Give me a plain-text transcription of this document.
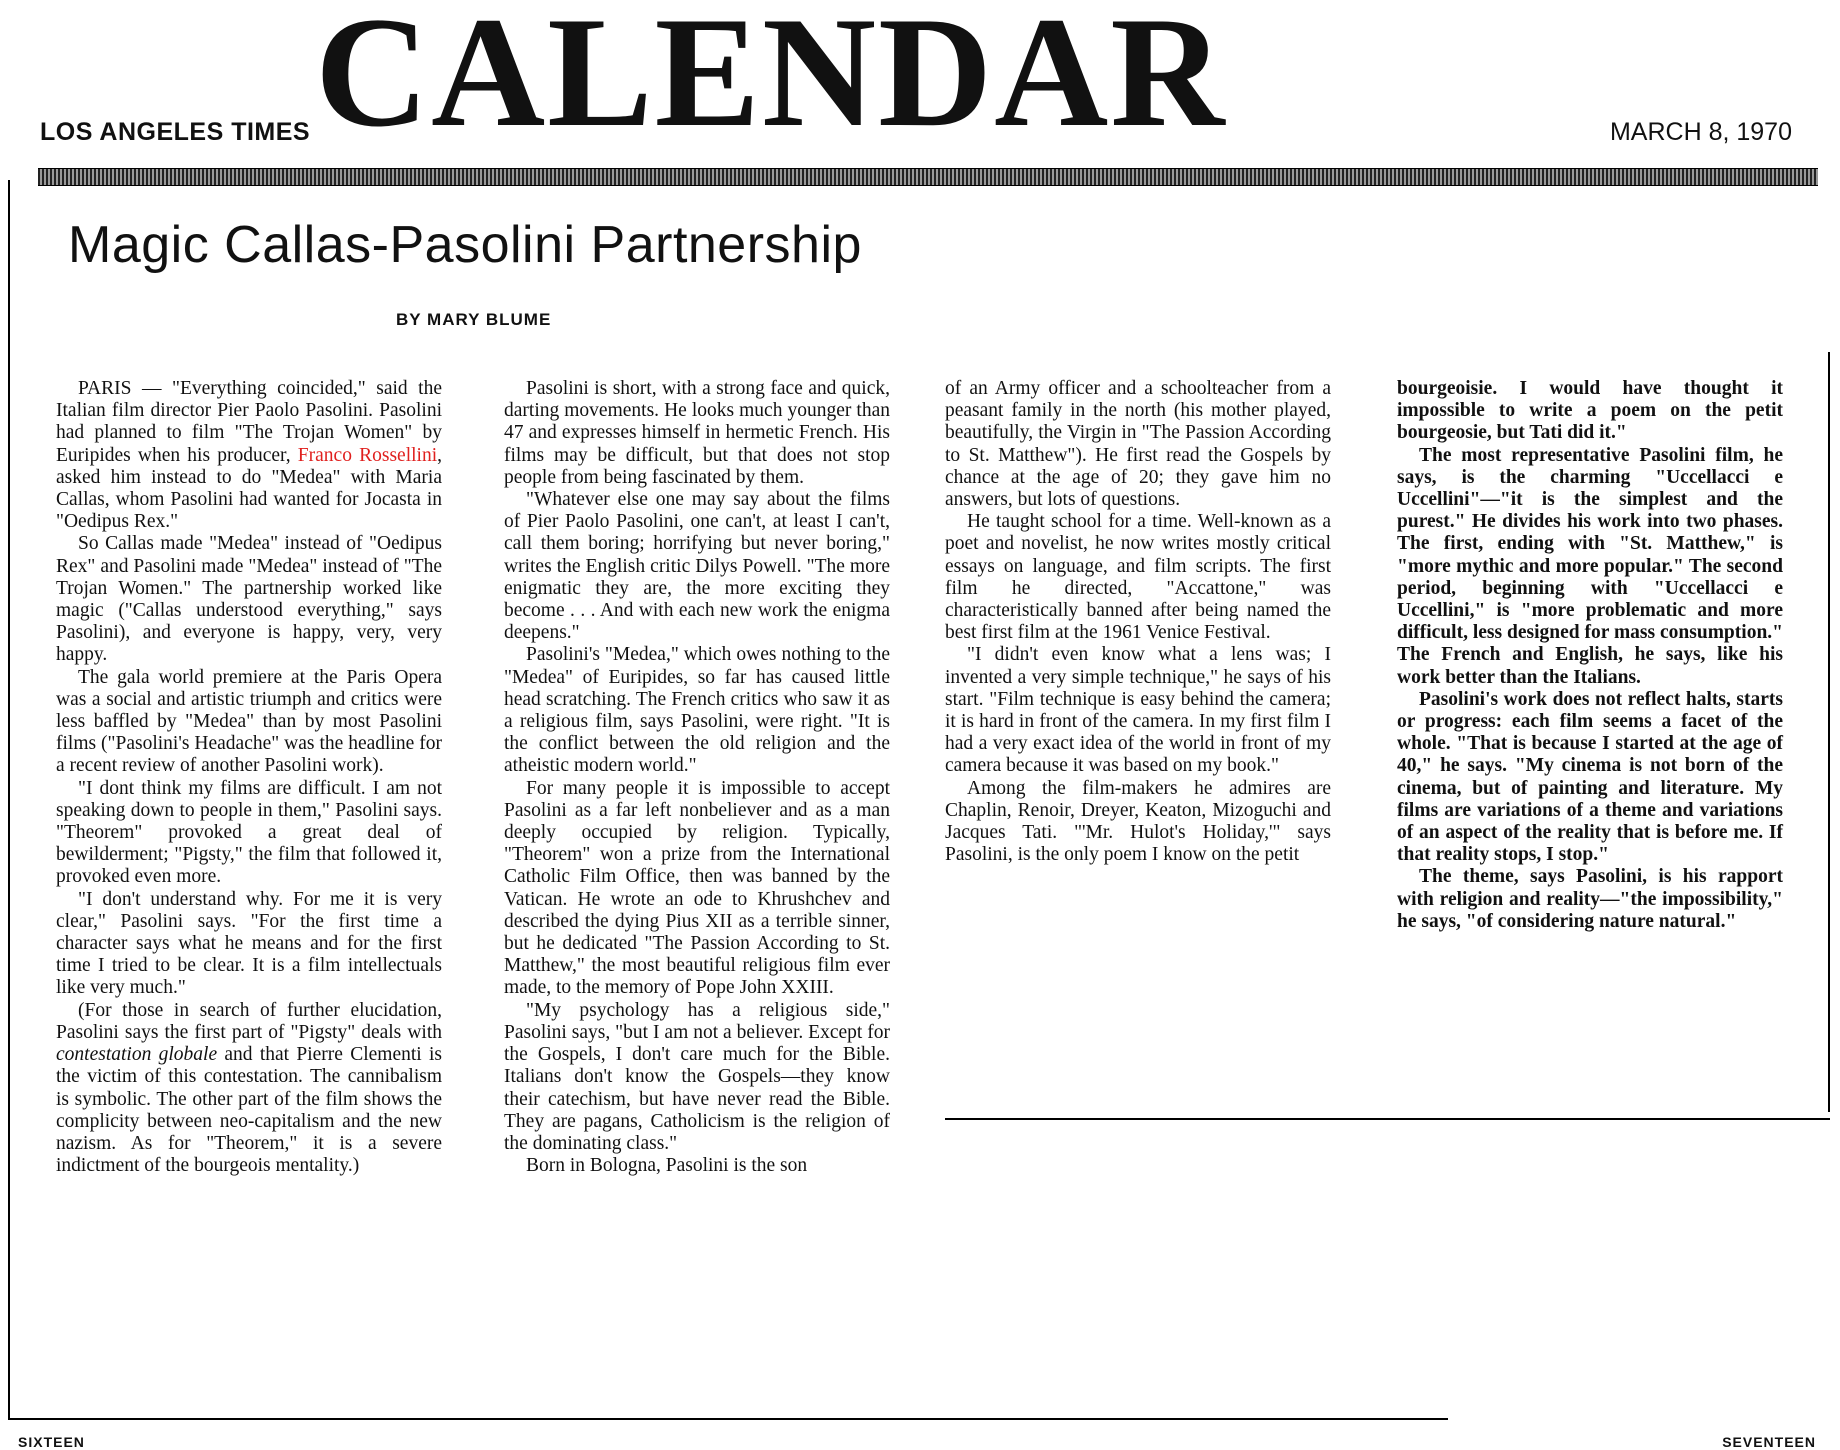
LOS ANGELES TIMES CALENDAR	MARCH 8, 1970
Magic Callas-Pasolini Partnership
BY MARY BLUME

PARIS — "Everything coincided," said the Italian film director Pier Paolo Pasolini. Pasolini had planned to film "The Trojan Women" by Euripides when his producer, Franco Rossellini, asked him instead to do "Medea" with Maria Callas, whom Pasolini had wanted for Jocasta in "Oedipus Rex."

So Callas made "Medea" instead of "Oedipus Rex" and Pasolini made "Medea" instead of "The Trojan Women." The partnership worked like magic ("Callas understood everything," says Pasolini), and everyone is happy, very, very happy.

The gala world premiere at the Paris Opera was a social and artistic triumph and critics were less baffled by "Medea" than by most Pasolini films ("Pasolini's Headache" was the headline for a recent review of another Pasolini work).

"I dont think my films are difficult. I am not speaking down to people in them," Pasolini says. "Theorem" provoked a great deal of bewilderment; "Pigsty," the film that followed it, provoked even more.

"I don't understand why. For me it is very clear," Pasolini says. "For the first time a character says what he means and for the first time I tried to be clear. It is a film intellectuals like very much."

(For those in search of further elucidation, Pasolini says the first part of "Pigsty" deals with contestation globale and that Pierre Clementi is the victim of this contestation. The cannibalism is symbolic. The other part of the film shows the complicity between neo-capitalism and the new nazism. As for "Theorem," it is a severe indictment of the bourgeois mentality.)

Pasolini is short, with a strong face and quick, darting movements. He looks much younger than 47 and expresses himself in hermetic French. His films may be difficult, but that does not stop people from being fascinated by them.

"Whatever else one may say about the films of Pier Paolo Pasolini, one can't, at least I can't, call them boring; horrifying but never boring," writes the English critic Dilys Powell. "The more enigmatic they are, the more exciting they become . . . And with each new work the enigma deepens."

Pasolini's "Medea," which owes nothing to the "Medea" of Euripides, so far has caused little head scratching. The French critics who saw it as a religious film, says Pasolini, were right. "It is the conflict between the old religion and the atheistic modern world."

For many people it is impossible to accept Pasolini as a far left nonbeliever and as a man deeply occupied by religion. Typically, "Theorem" won a prize from the International Catholic Film Office, then was banned by the Vatican. He wrote an ode to Khrushchev and described the dying Pius XII as a terrible sinner, but he dedicated "The Passion According to St. Matthew," the most beautiful religious film ever made, to the memory of Pope John XXIII.

"My psychology has a religious side," Pasolini says, "but I am not a believer. Except for the Gospels, I don't care much for the Bible. Italians don't know the Gospels—they know their catechism, but have never read the Bible. They are pagans, Catholicism is the religion of the dominating class."

Born in Bologna, Pasolini is the son

of an Army officer and a schoolteacher from a peasant family in the north (his mother played, beautifully, the Virgin in "The Passion According to St. Matthew"). He first read the Gospels by chance at the age of 20; they gave him no answers, but lots of questions.

He taught school for a time. Well-known as a poet and novelist, he now writes mostly critical essays on language, and film scripts. The first film he directed, "Accattone," was characteristically banned after being named the best first film at the 1961 Venice Festival.

"I didn't even know what a lens was; I invented a very simple technique," he says of his start. "Film technique is easy behind the camera; it is hard in front of the camera. In my first film I had a very exact idea of the world in front of my camera because it was based on my book."

Among the film-makers he admires are Chaplin, Renoir, Dreyer, Keaton, Mizoguchi and Jacques Tati. "'Mr. Hulot's Holiday,'" says Pasolini, is the only poem I know on the petit

bourgeoisie. I would have thought it impossible to write a poem on the petit bourgeosie, but Tati did it."

The most representative Pasolini film, he says, is the charming "Uccellacci e Uccellini"—"it is the simplest and the purest." He divides his work into two phases. The first, ending with "St. Matthew," is "more mythic and more popular." The second period, beginning with "Uccellacci e Uccellini," is "more problematic and more difficult, less designed for mass consumption." The French and English, he says, like his work better than the Italians.

Pasolini's work does not reflect halts, starts or progress: each film seems a facet of the whole. "That is because I started at the age of 40," he says. "My cinema is not born of the cinema, but of painting and literature. My films are variations of a theme and variations of an aspect of the reality that is before me. If that reality stops, I stop."

The theme, says Pasolini, is his rapport with religion and reality—"the impossibility," he says, "of considering nature natural."

SIXTEEN	SEVENTEEN
